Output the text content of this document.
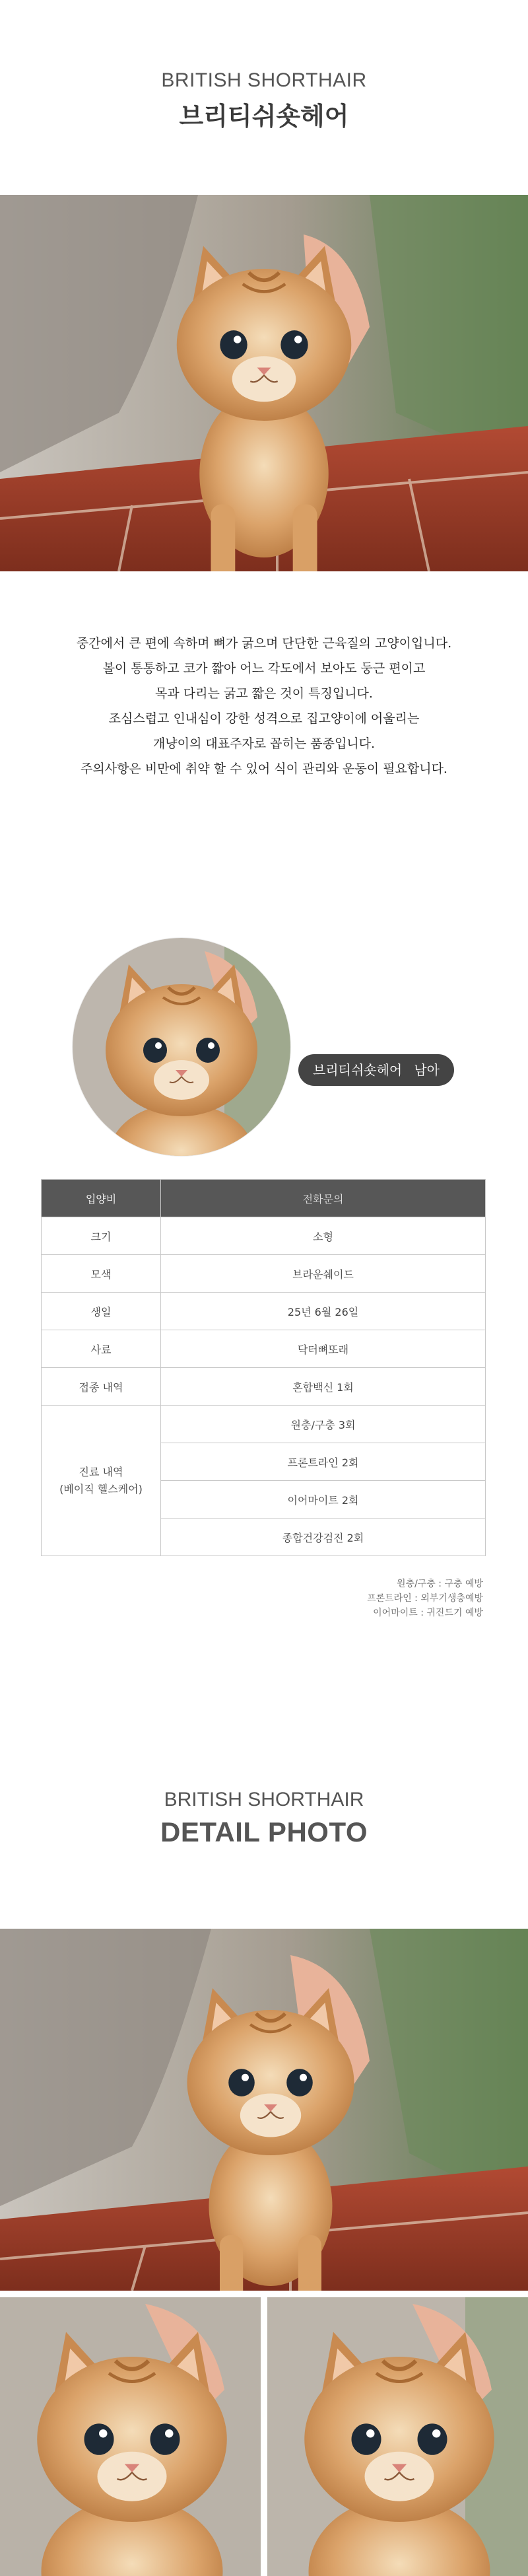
BRITISH SHORTHAIR
브리티쉬숏헤어
중간에서 큰 편에 속하며 뼈가 굵으며 단단한 근육질의 고양이입니다.
볼이 통통하고 코가 짧아 어느 각도에서 보아도 둥근 편이고
목과 다리는 굵고 짧은 것이 특징입니다.
조심스럽고 인내심이 강한 성격으로 집고양이에 어울리는
개냥이의 대표주자로 꼽히는 품종입니다.
주의사항은 비만에 취약 할 수 있어 식이 관리와 운동이 필요합니다.
브리티쉬숏헤어 남아
입양비	전화문의
크기	소형
모색	브라운쉐이드
생일	25년 6월 26일
사료	닥터뼈또래
접종 내역	혼합백신 1회

진료 내역
(베이직 헬스케어)	원충/구충 3회
	프론트라인 2회
	이어마이트 2회
	종합건강검진 2회
원충/구충 : 구충 예방
프론트라인 : 외부기생충예방
이어마이트 : 귀진드기 예방
BRITISH SHORTHAIR
DETAIL PHOTO
